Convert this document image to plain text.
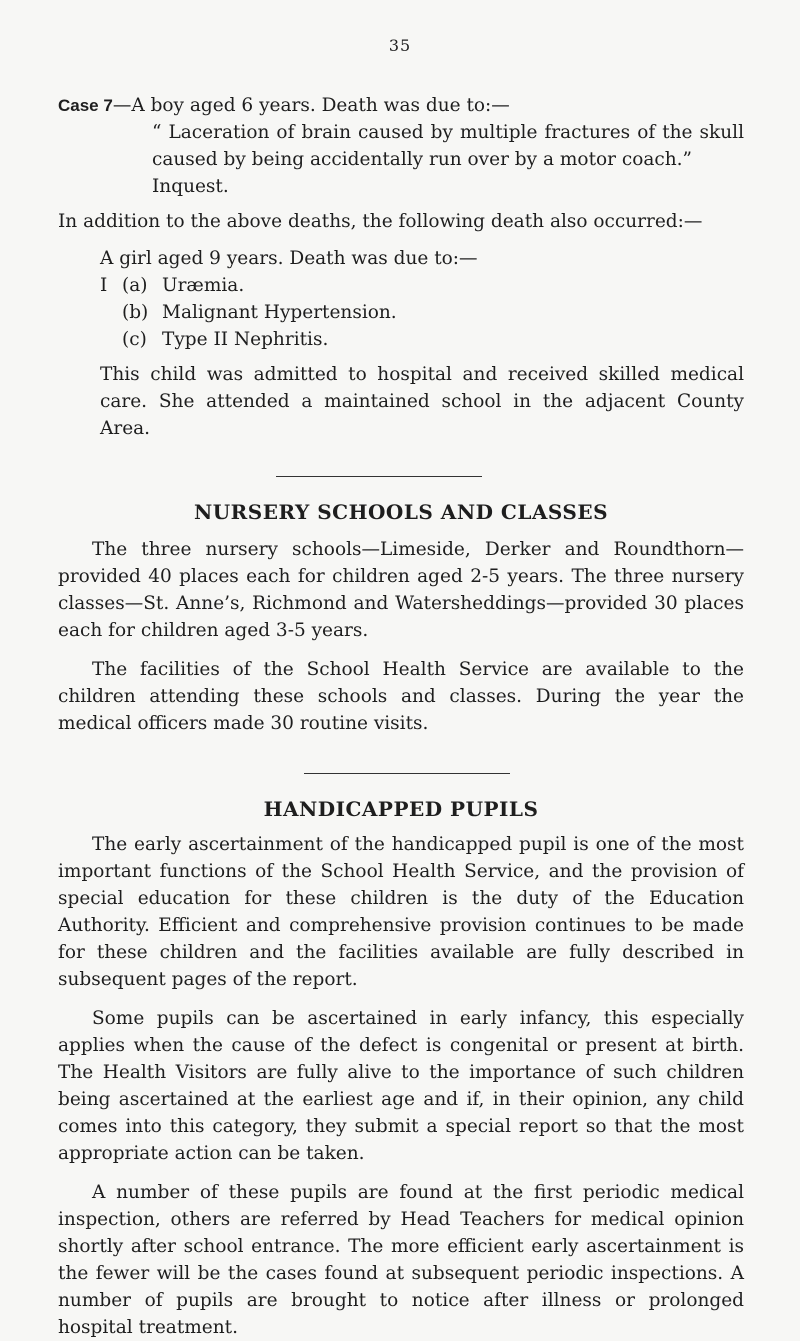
35

Case 7—A boy aged 6 years. Death was due to:—

“ Laceration of brain caused by multiple fractures of the skull caused by being accidentally run over by a motor coach.”

Inquest.

In addition to the above deaths, the following death also occurred:—

A girl aged 9 years. Death was due to:—

I (a) Uræmia.

(b) Malignant Hypertension.

(c) Type II Nephritis.

This child was admitted to hospital and received skilled medical care. She attended a maintained school in the adjacent County Area.

NURSERY SCHOOLS AND CLASSES

The three nursery schools—Limeside, Derker and Roundthorn—provided 40 places each for children aged 2-5 years. The three nursery classes—St. Anne’s, Richmond and Watersheddings—provided 30 places each for children aged 3-5 years.

The facilities of the School Health Service are available to the children attending these schools and classes. During the year the medical officers made 30 routine visits.

HANDICAPPED PUPILS

The early ascertainment of the handicapped pupil is one of the most important functions of the School Health Service, and the provision of special education for these children is the duty of the Education Authority. Efficient and comprehensive provision continues to be made for these children and the facilities available are fully described in subsequent pages of the report.

Some pupils can be ascertained in early infancy, this especially applies when the cause of the defect is congenital or present at birth. The Health Visitors are fully alive to the importance of such children being ascertained at the earliest age and if, in their opinion, any child comes into this category, they submit a special report so that the most appropriate action can be taken.

A number of these pupils are found at the first periodic medical inspection, others are referred by Head Teachers for medical opinion shortly after school entrance. The more efficient early ascertainment is the fewer will be the cases found at subsequent periodic inspections. A number of pupils are brought to notice after illness or prolonged hospital treatment.
